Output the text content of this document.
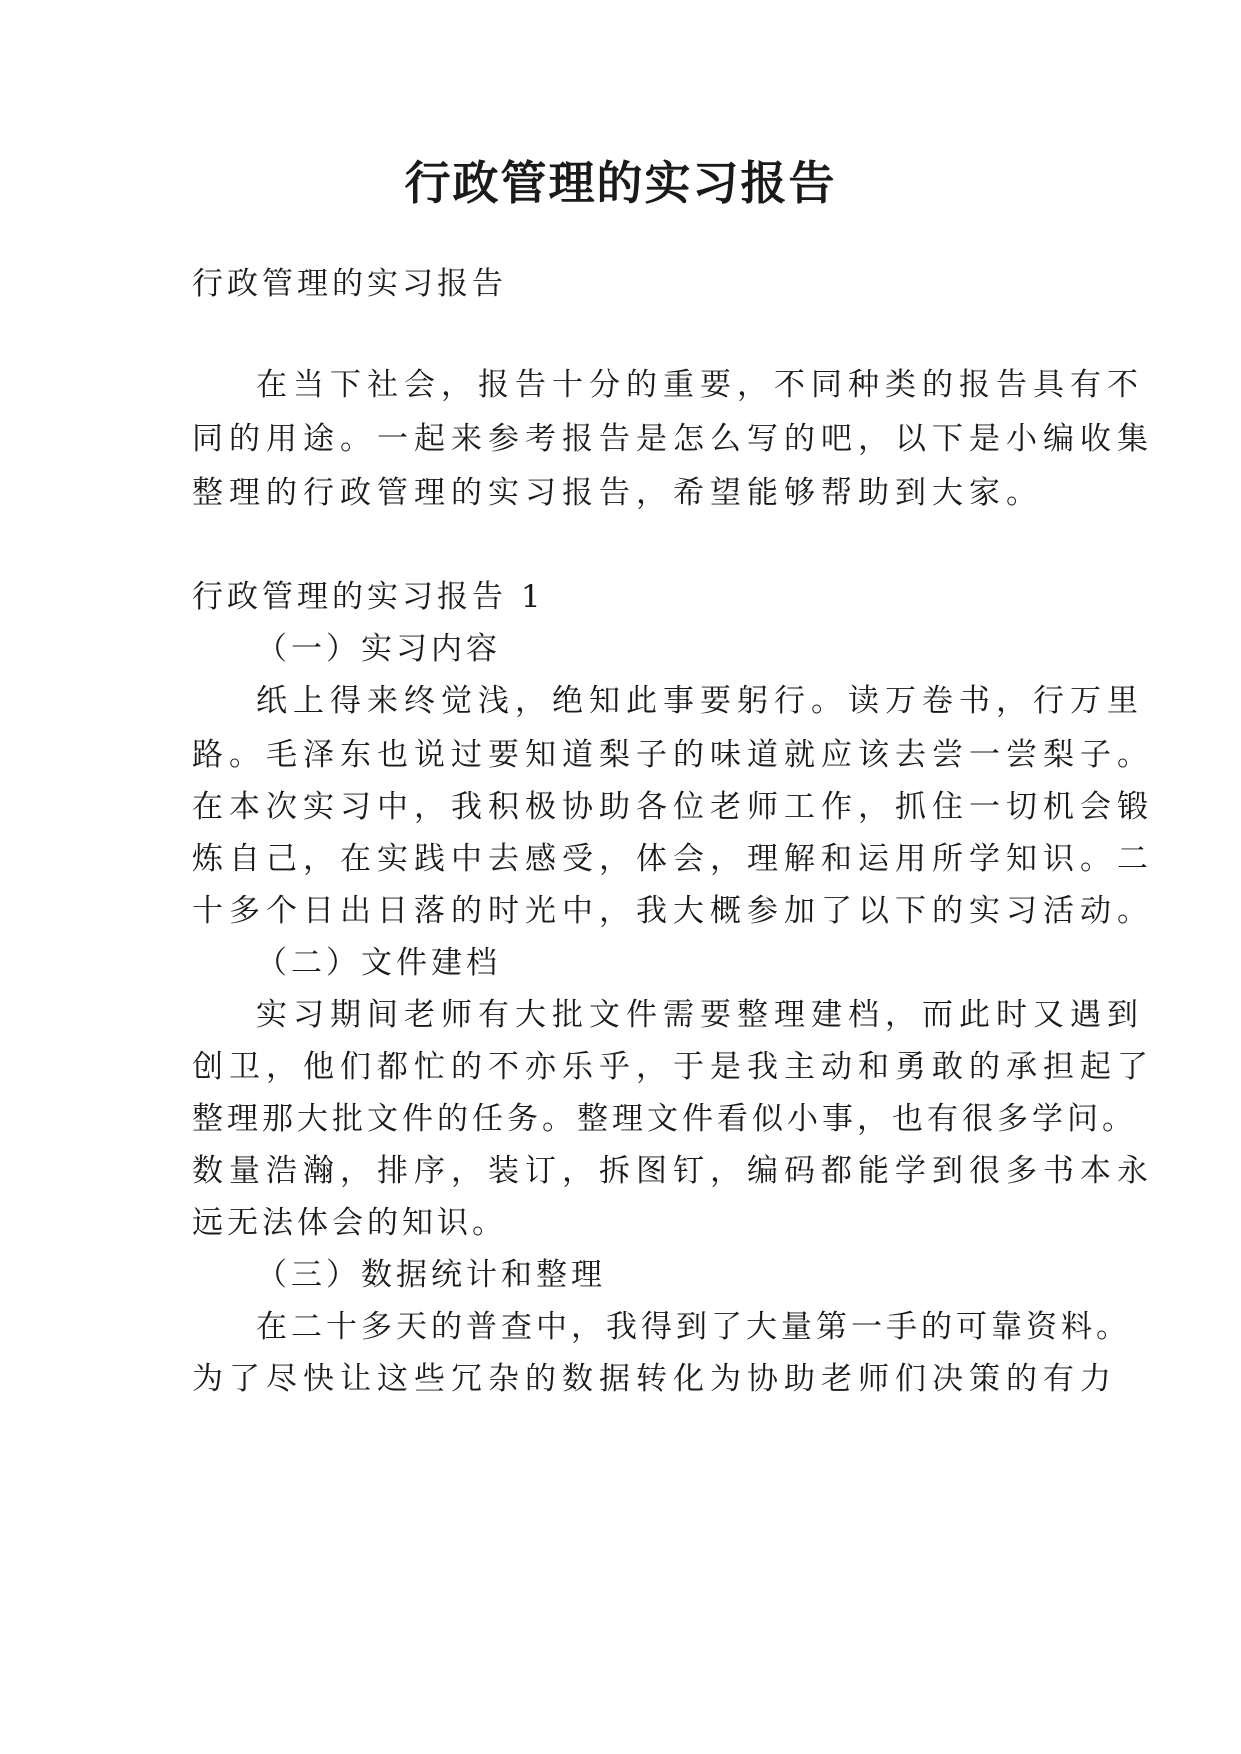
行政管理的实习报告

行政管理的实习报告

在当下社会，报告十分的重要，不同种类的报告具有不

同的用途。一起来参考报告是怎么写的吧，以下是小编收集

整理的行政管理的实习报告，希望能够帮助到大家。

行政管理的实习报告 1

（一）实习内容

纸上得来终觉浅，绝知此事要躬行。读万卷书，行万里

路。毛泽东也说过要知道梨子的味道就应该去尝一尝梨子。

在本次实习中，我积极协助各位老师工作，抓住一切机会锻

炼自己，在实践中去感受，体会，理解和运用所学知识。二

十多个日出日落的时光中，我大概参加了以下的实习活动。

（二）文件建档

实习期间老师有大批文件需要整理建档，而此时又遇到

创卫，他们都忙的不亦乐乎，于是我主动和勇敢的承担起了

整理那大批文件的任务。整理文件看似小事，也有很多学问。

数量浩瀚，排序，装订，拆图钉，编码都能学到很多书本永

远无法体会的知识。

（三）数据统计和整理

在二十多天的普查中，我得到了大量第一手的可靠资料。

为了尽快让这些冗杂的数据转化为协助老师们决策的有力
